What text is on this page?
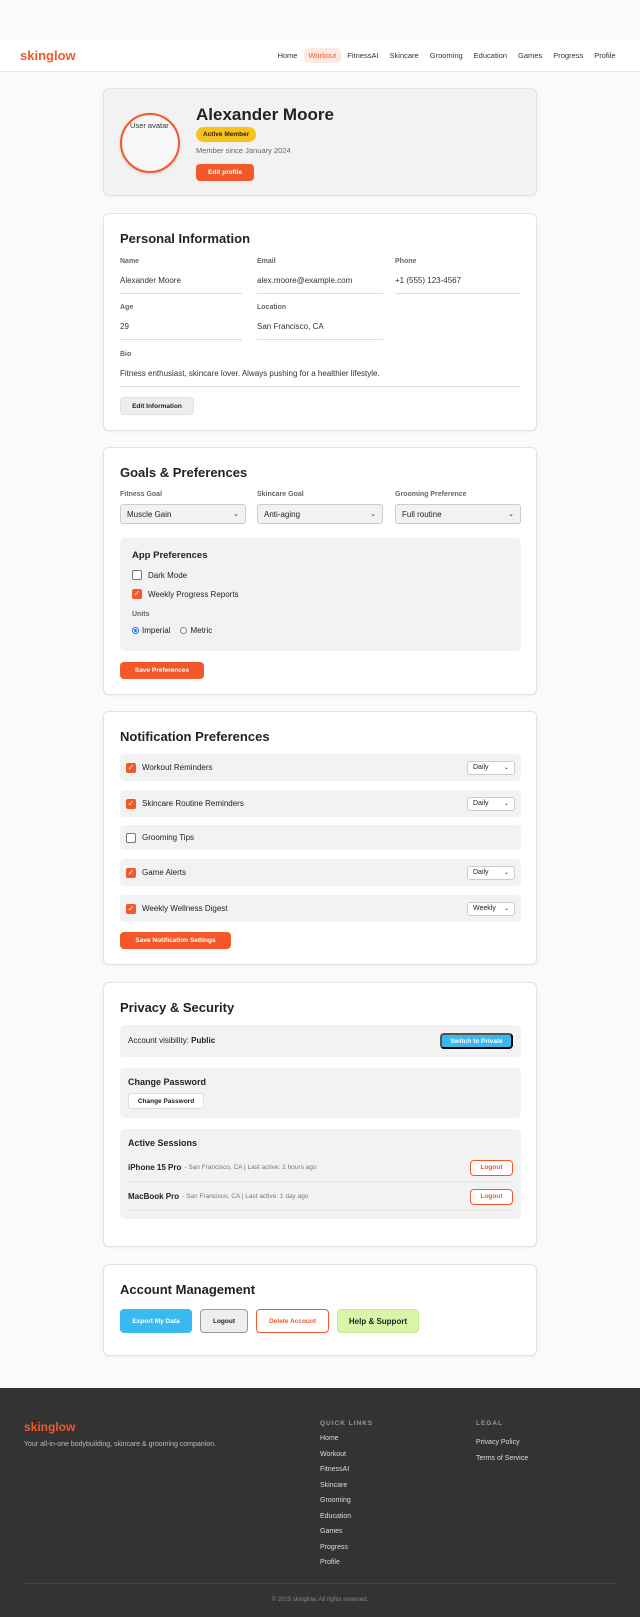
skinglow	Home	Workout	FitnessAI	Skincare	Grooming	Education	Games	Progress	Profile
User avatar
Alexander Moore
Active Member
Member since January 2024
Edit profile
Personal Information
Name
Alexander Moore
Email
alex.moore@example.com
Phone
+1 (555) 123-4567
Age
29
Location
San Francisco, CA
Bio
Fitness enthusiast, skincare lover. Always pushing for a healthier lifestyle.
Edit Information
Goals & Preferences
Fitness Goal
Muscle Gain	⌄
Skincare Goal
Anti-aging	⌄
Grooming Preference
Full routine	⌄
App Preferences
Dark Mode
✓ Weekly Progress Reports
Units
Imperial	Metric
Save Preferences
Notification Preferences
✓ Workout Reminders	Daily	⌄
✓ Skincare Routine Reminders	Daily	⌄
Grooming Tips
✓ Game Alerts	Daily	⌄
✓ Weekly Wellness Digest	Weekly ⌄
Save Notification Settings
Privacy & Security
Account visibility: Public	Switch to Private
Change Password
Change Password
Active Sessions
iPhone 15 Pro - San Francisco, CA | Last active: 2 hours ago	Logout
MacBook Pro - San Francisco, CA | Last active: 1 day ago	Logout
Account Management
Export My Data	Logout	Delete Account	Help & Support
skinglow
Your all-in-one bodybuilding, skincare & grooming companion.
QUICK LINKS
Home
Workout
FitnessAI
Skincare
Grooming
Education
Games
Progress
Profile
LEGAL
Privacy Policy
Terms of Service
© 2025 skinglow. All rights reserved.
